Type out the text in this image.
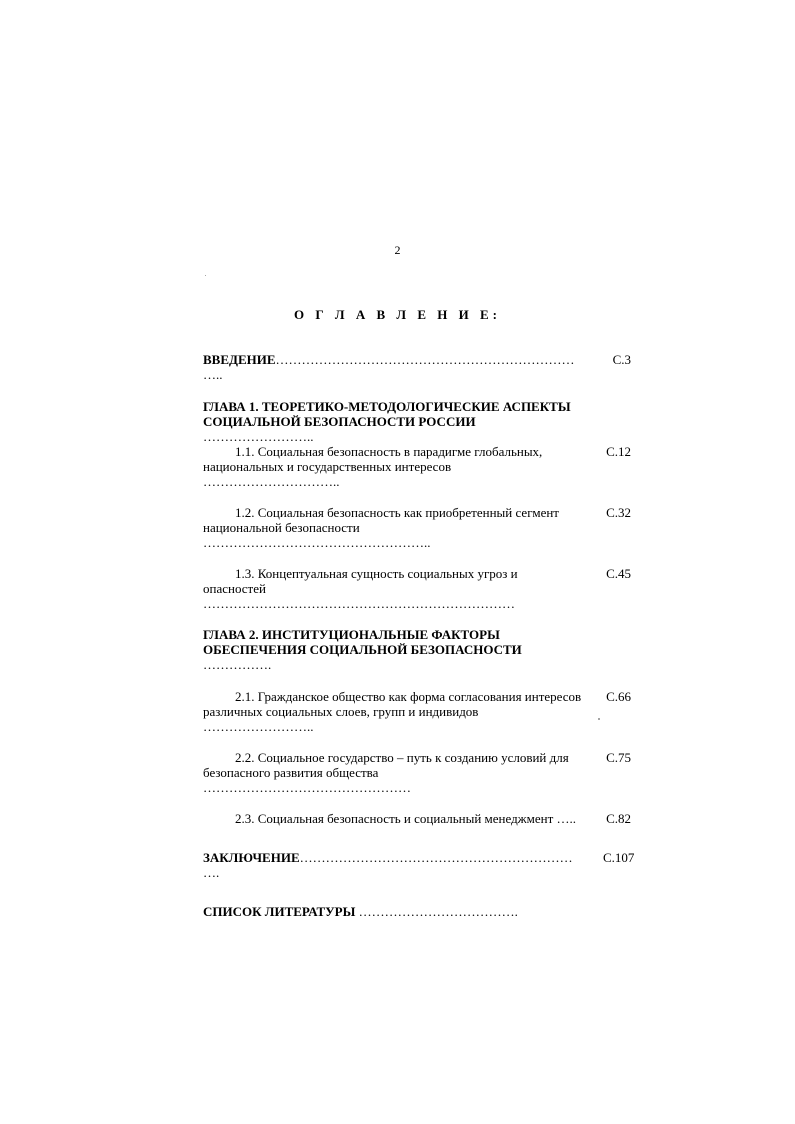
2
О Г Л А В Л Е Н И Е:
ВВЕДЕНИЕ……………………………………………………………
…..
С.3
ГЛАВА 1. ТЕОРЕТИКО-МЕТОДОЛОГИЧЕСКИЕ АСПЕКТЫ СОЦИАЛЬНОЙ БЕЗОПАСНОСТИ РОССИИ
……………………..
1.1. Социальная безопасность в парадигме глобальных, национальных и государственных интересов
…………………………..
С.12
1.2. Социальная безопасность как приобретенный сегмент национальной безопасности
……………………………………………..
С.32
1.3. Концептуальная сущность социальных угроз и опасностей
………………………………………………………………
С.45
ГЛАВА 2. ИНСТИТУЦИОНАЛЬНЫЕ ФАКТОРЫ ОБЕСПЕЧЕНИЯ СОЦИАЛЬНОЙ БЕЗОПАСНОСТИ
…………….
2.1. Гражданское общество как форма согласования интересов различных социальных слоев, групп и индивидов
……………………..
С.66
2.2. Социальное государство – путь к созданию условий для безопасного развития общества
…………………………………………
С.75
2.3. Социальная безопасность и социальный менеджмент …..	С.82
ЗАКЛЮЧЕНИЕ………………………………………………………
….
С.107
СПИСОК ЛИТЕРАТУРЫ ……………………………….
